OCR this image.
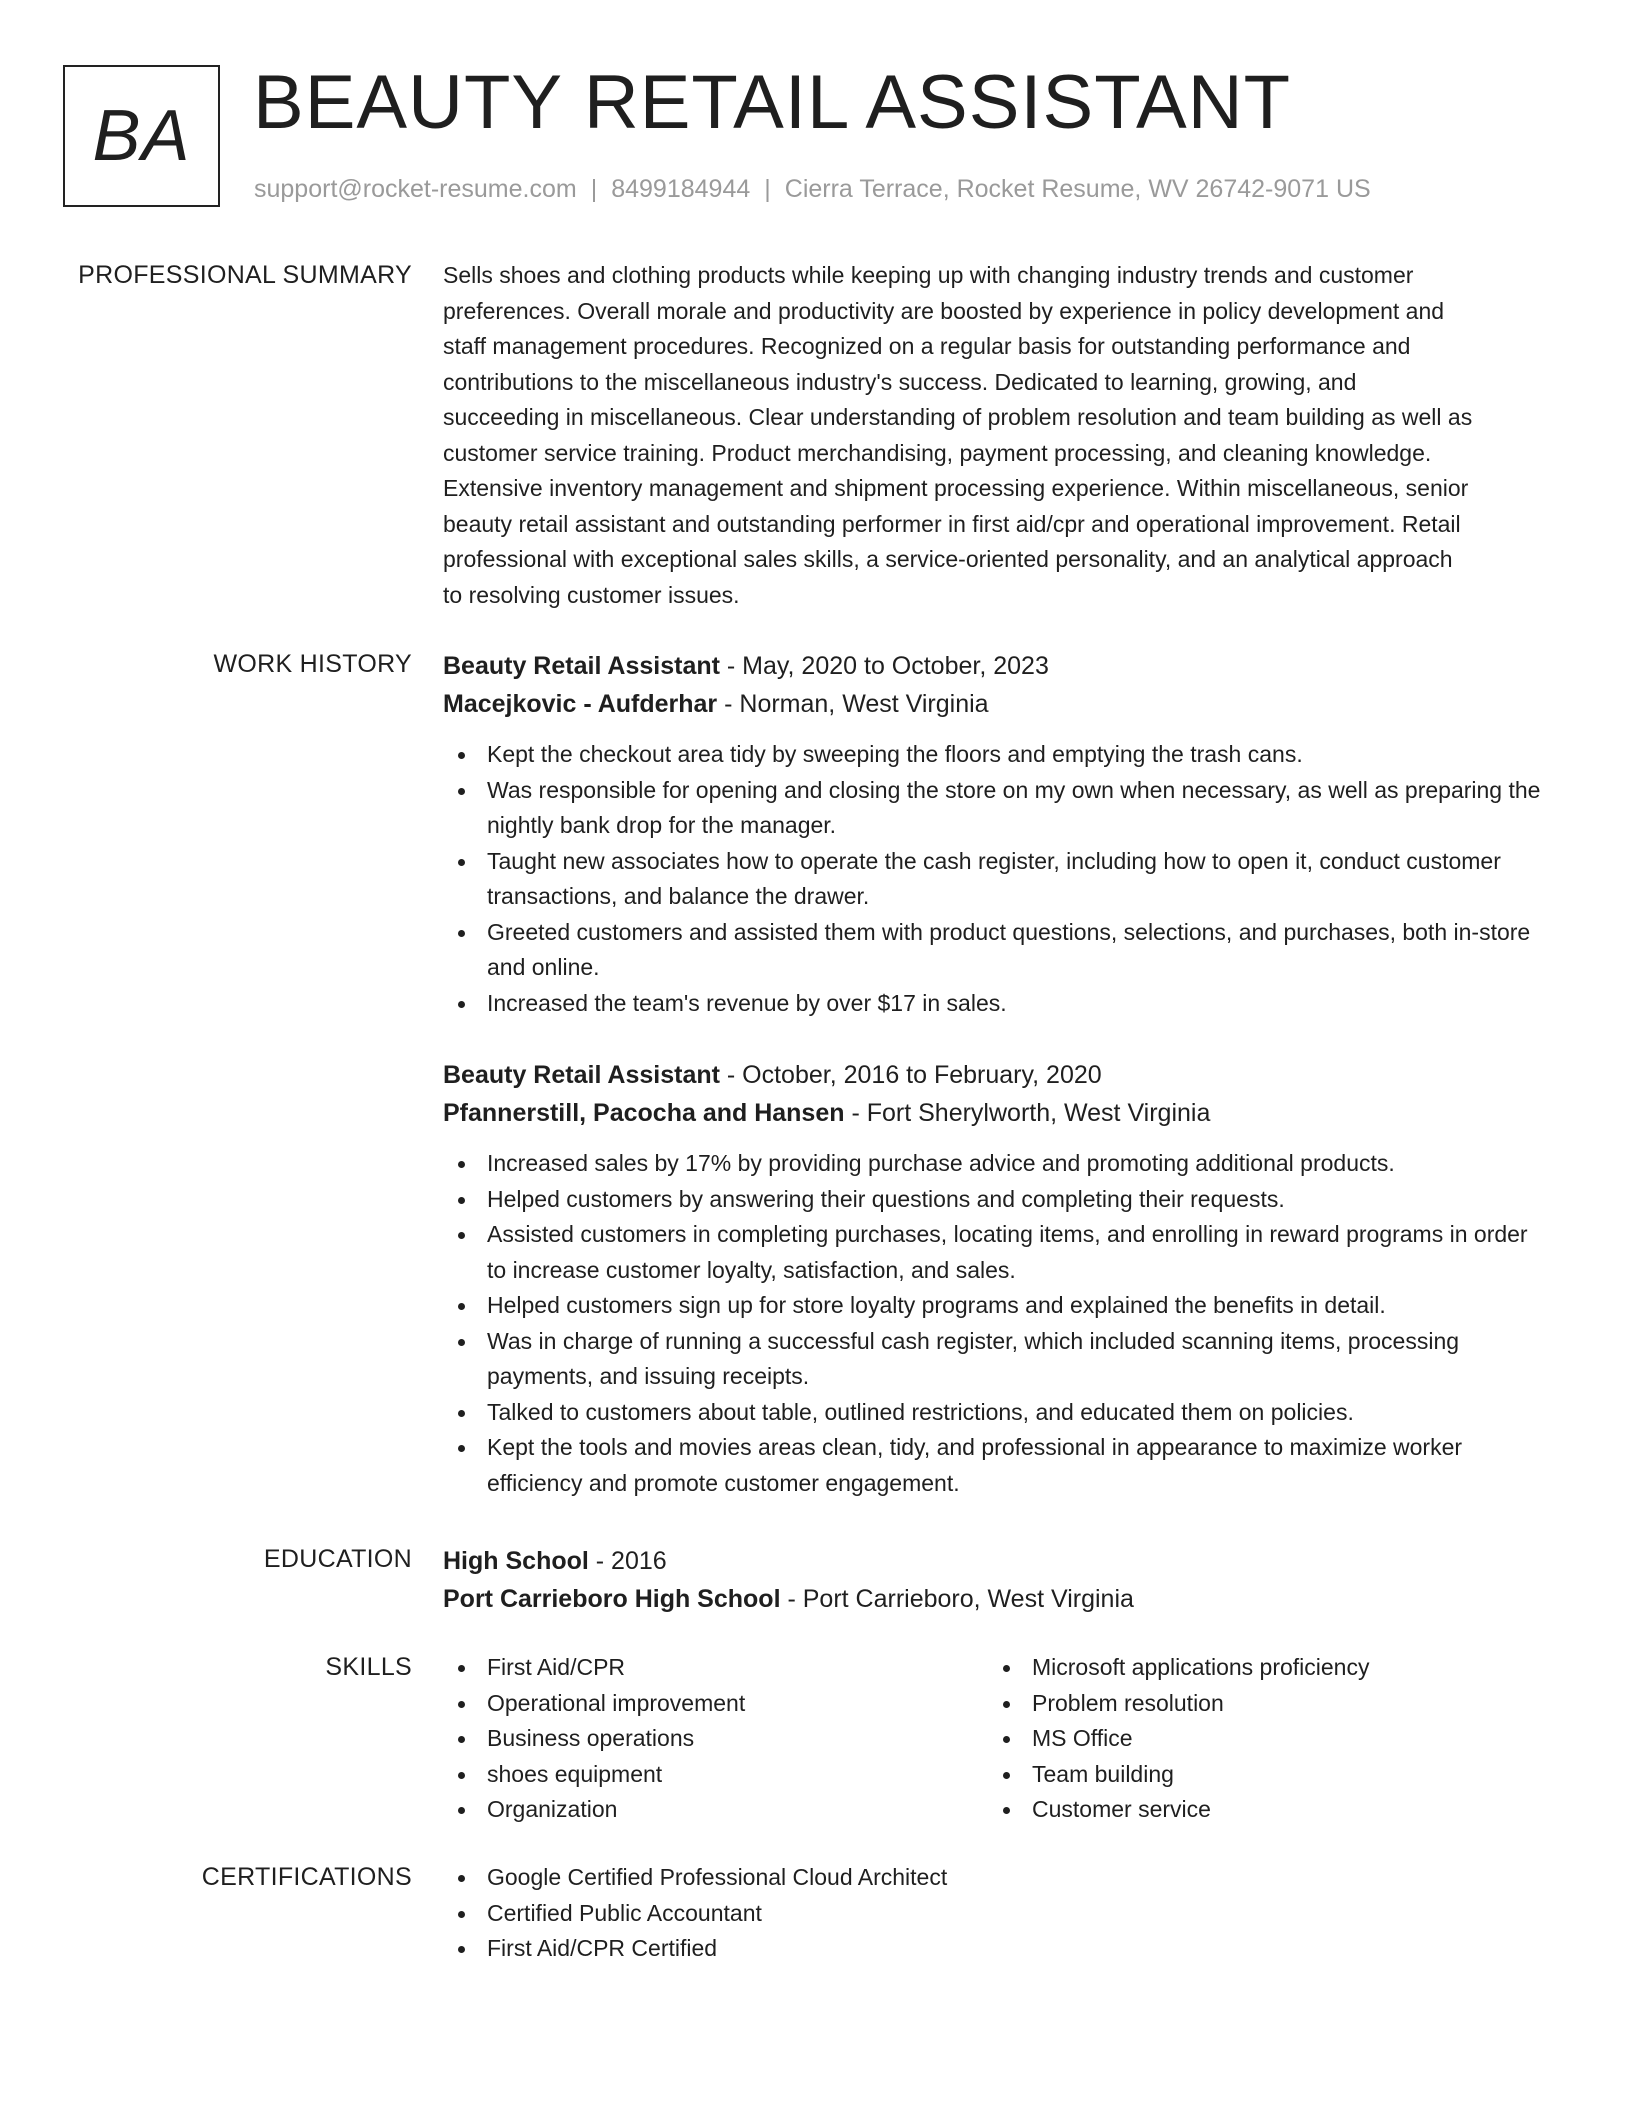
BA BEAUTY RETAIL ASSISTANT
support@rocket-resume.com | 8499184944 | Cierra Terrace, Rocket Resume, WV 26742-9071 US
PROFESSIONAL SUMMARY Sells shoes and clothing products while keeping up with changing industry trends and customer
preferences. Overall morale and productivity are boosted by experience in policy development and
staff management procedures. Recognized on a regular basis for outstanding performance and
contributions to the miscellaneous industry's success. Dedicated to learning, growing, and
succeeding in miscellaneous. Clear understanding of problem resolution and team building as well as
customer service training. Product merchandising, payment processing, and cleaning knowledge.
Extensive inventory management and shipment processing experience. Within miscellaneous, senior
beauty retail assistant and outstanding performer in first aid/cpr and operational improvement. Retail
professional with exceptional sales skills, a service-oriented personality, and an analytical approach
to resolving customer issues.
WORK HISTORY Beauty Retail Assistant - May, 2020 to October, 2023
Macejkovic - Aufderhar - Norman, West Virginia
Kept the checkout area tidy by sweeping the floors and emptying the trash cans.
Was responsible for opening and closing the store on my own when necessary, as well as preparing the nightly bank drop for the manager.
Taught new associates how to operate the cash register, including how to open it, conduct customer transactions, and balance the drawer.
Greeted customers and assisted them with product questions, selections, and purchases, both in-store and online.
Increased the team's revenue by over $17 in sales.
Beauty Retail Assistant - October, 2016 to February, 2020
Pfannerstill, Pacocha and Hansen - Fort Sherylworth, West Virginia
Increased sales by 17% by providing purchase advice and promoting additional products.
Helped customers by answering their questions and completing their requests.
Assisted customers in completing purchases, locating items, and enrolling in reward programs in order to increase customer loyalty, satisfaction, and sales.
Helped customers sign up for store loyalty programs and explained the benefits in detail.
Was in charge of running a successful cash register, which included scanning items, processing payments, and issuing receipts.
Talked to customers about table, outlined restrictions, and educated them on policies.
Kept the tools and movies areas clean, tidy, and professional in appearance to maximize worker efficiency and promote customer engagement.
EDUCATION High School - 2016
Port Carrieboro High School - Port Carrieboro, West Virginia
SKILLS	First Aid/CPR
Operational improvement
Business operations
shoes equipment
Organization
Microsoft applications proficiency
Problem resolution
MS Office
Team building
Customer service
CERTIFICATIONS	Google Certified Professional Cloud Architect
Certified Public Accountant
First Aid/CPR Certified
